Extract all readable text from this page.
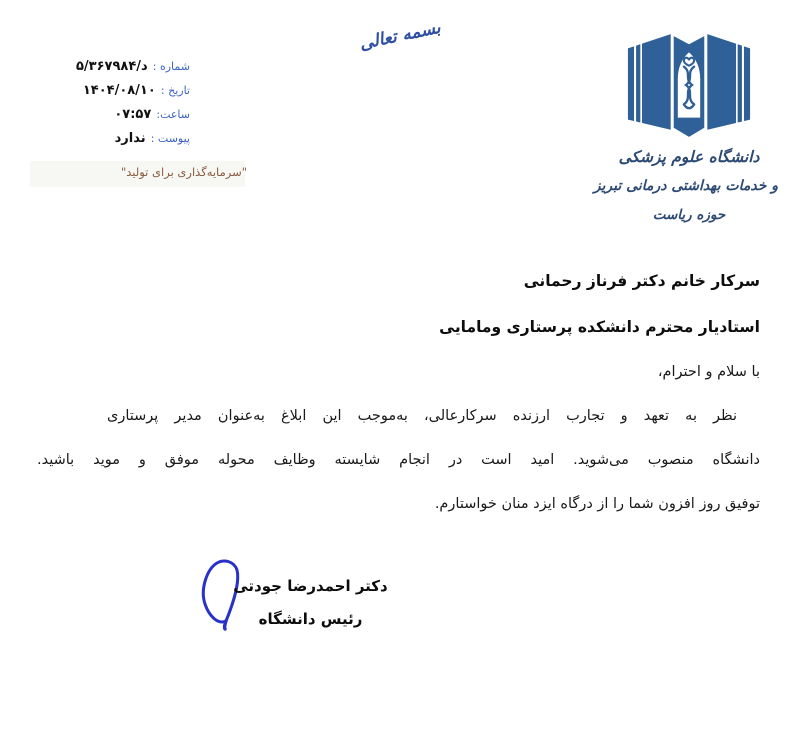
شماره : ۵/د/۳۶۷۹۸۴
تاریخ : ۱۴۰۴/۰۸/۱۰
ساعت: ۰۷:۵۷
پیوست : ندارد
"سرمایه‌گذاری برای تولید"
بسمه تعالی
دانشگاه علوم پزشکی
و خدمات بهداشتی درمانی تبریز
حوزه ریاست
سرکار خانم دکتر فرناز رحمانی
استادیار محترم دانشکده پرستاری ومامایی
با سلام و احترام،
نظر به تعهد و تجارب ارزنده سرکارعالی، به‌موجب این ابلاغ به‌عنوان مدیر پرستاری
دانشگاه منصوب می‌شوید. امید است در انجام شایسته وظایف محوله موفق و موید باشید.
توفیق روز افزون شما را از درگاه ایزد منان خواستارم.
دکتر احمدرضا جودتی
رئیس دانشگاه
